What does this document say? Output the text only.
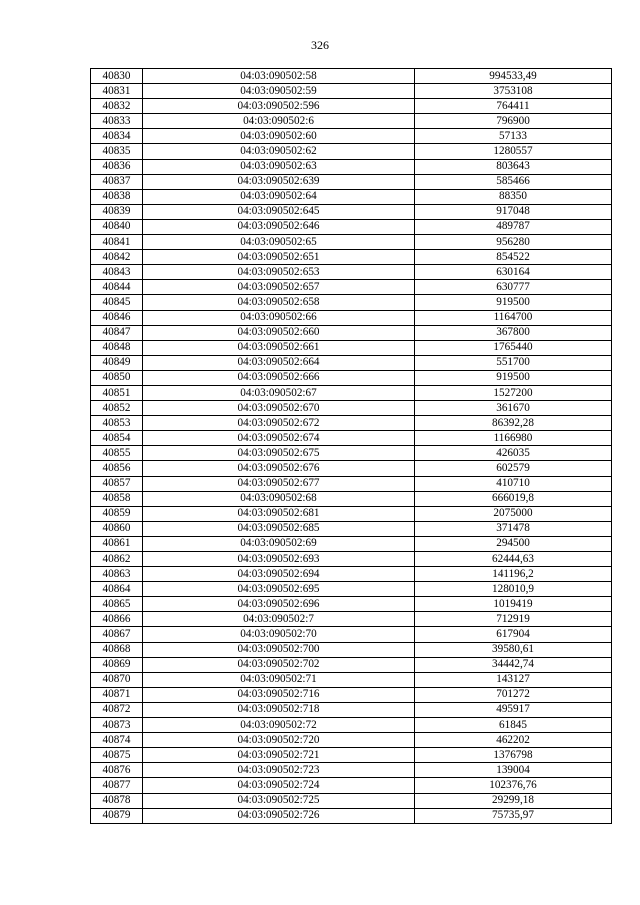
326
40830	04:03:090502:58	994533,49
40831	04:03:090502:59	3753108
40832	04:03:090502:596	764411
40833	04:03:090502:6	796900
40834	04:03:090502:60	57133
40835	04:03:090502:62	1280557
40836	04:03:090502:63	803643
40837	04:03:090502:639	585466
40838	04:03:090502:64	88350
40839	04:03:090502:645	917048
40840	04:03:090502:646	489787
40841	04:03:090502:65	956280
40842	04:03:090502:651	854522
40843	04:03:090502:653	630164
40844	04:03:090502:657	630777
40845	04:03:090502:658	919500
40846	04:03:090502:66	1164700
40847	04:03:090502:660	367800
40848	04:03:090502:661	1765440
40849	04:03:090502:664	551700
40850	04:03:090502:666	919500
40851	04:03:090502:67	1527200
40852	04:03:090502:670	361670
40853	04:03:090502:672	86392,28
40854	04:03:090502:674	1166980
40855	04:03:090502:675	426035
40856	04:03:090502:676	602579
40857	04:03:090502:677	410710
40858	04:03:090502:68	666019,8
40859	04:03:090502:681	2075000
40860	04:03:090502:685	371478
40861	04:03:090502:69	294500
40862	04:03:090502:693	62444,63
40863	04:03:090502:694	141196,2
40864	04:03:090502:695	128010,9
40865	04:03:090502:696	1019419
40866	04:03:090502:7	712919
40867	04:03:090502:70	617904
40868	04:03:090502:700	39580,61
40869	04:03:090502:702	34442,74
40870	04:03:090502:71	143127
40871	04:03:090502:716	701272
40872	04:03:090502:718	495917
40873	04:03:090502:72	61845
40874	04:03:090502:720	462202
40875	04:03:090502:721	1376798
40876	04:03:090502:723	139004
40877	04:03:090502:724	102376,76
40878	04:03:090502:725	29299,18
40879	04:03:090502:726	75735,97
